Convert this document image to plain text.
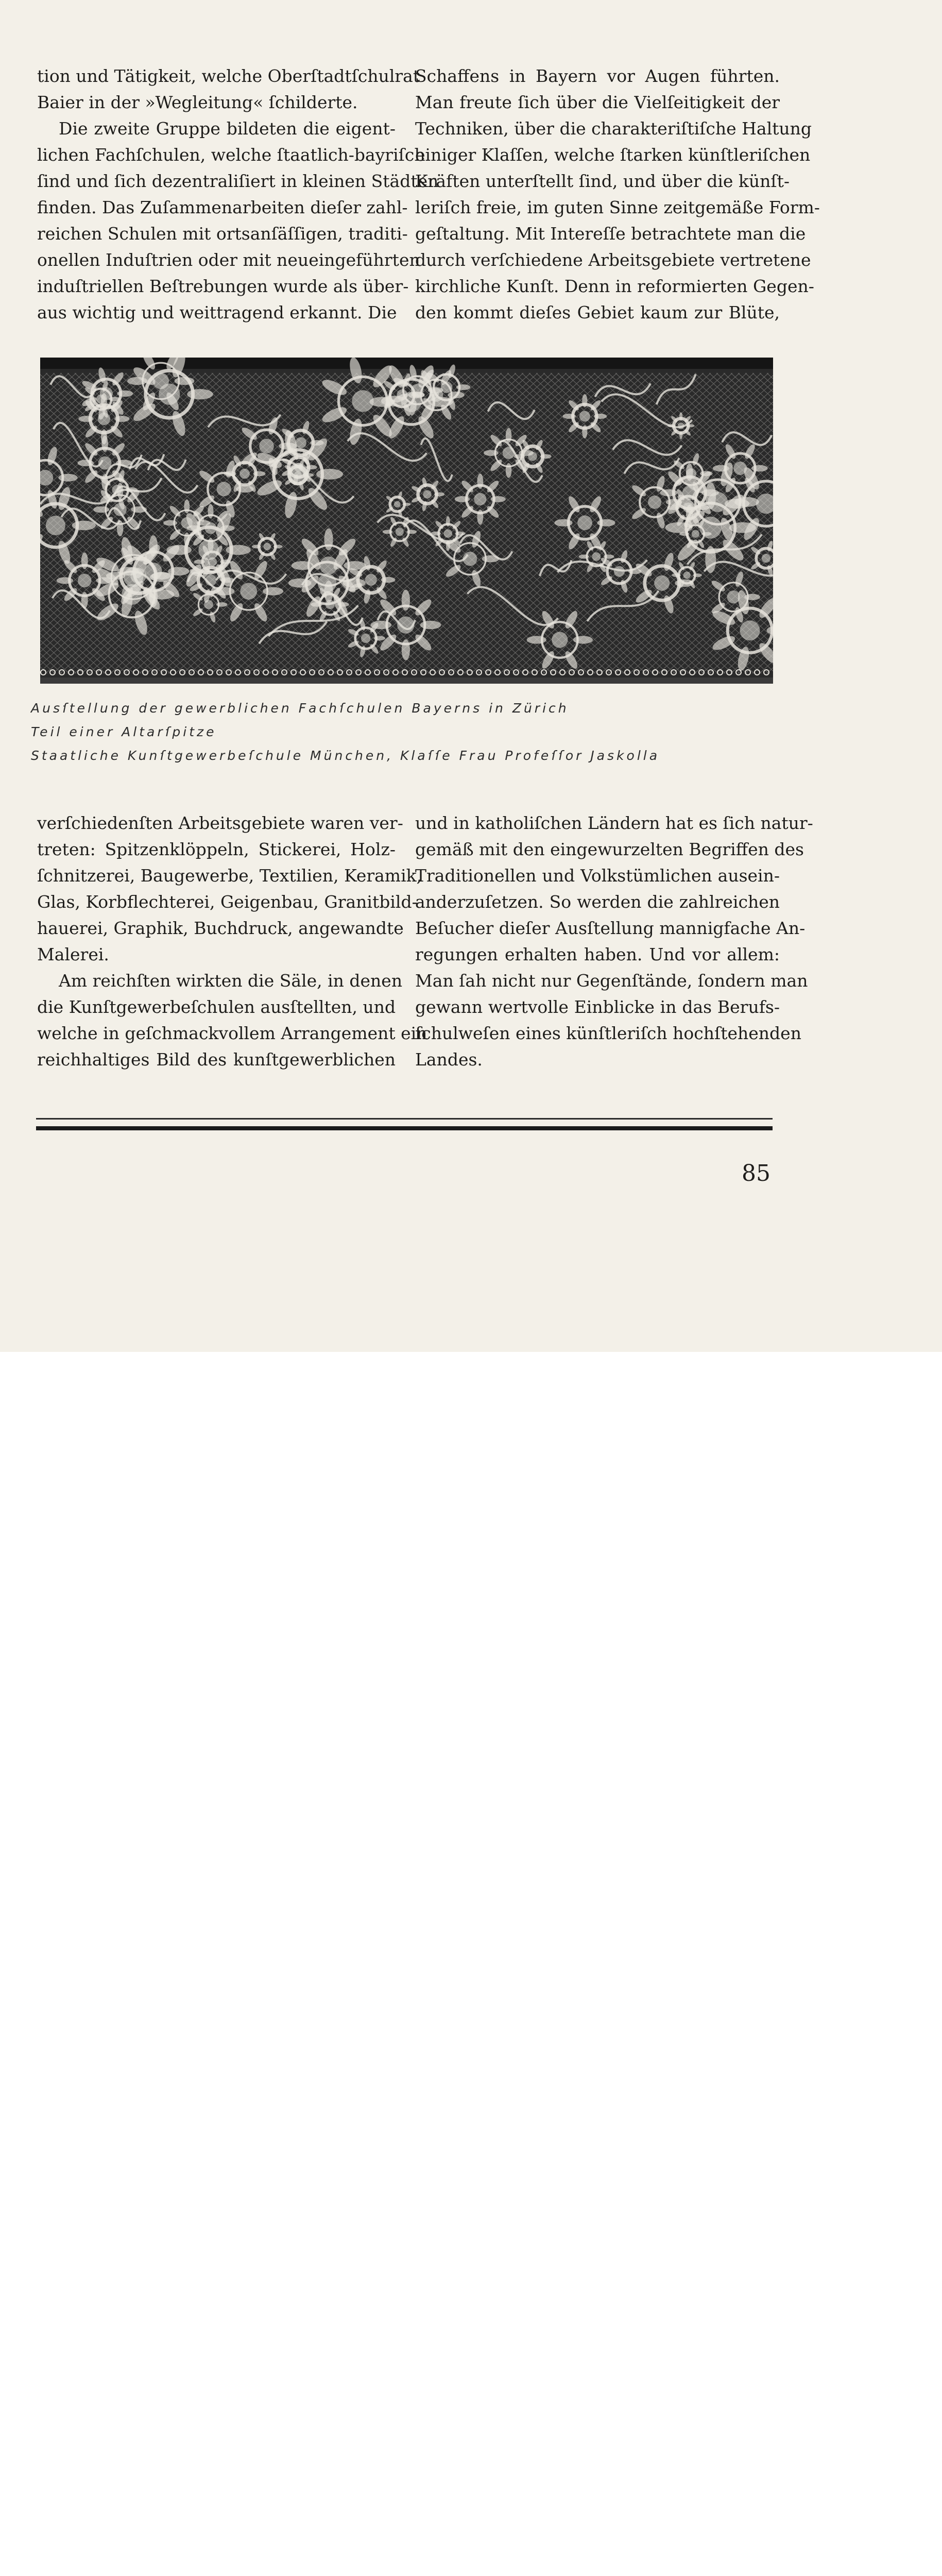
tion und Tätigkeit, welche Oberſtadtſchulrat
Baier in der »Wegleitung« ſchilderte.
Die zweite Gruppe bildeten die eigent-
lichen Fachſchulen, welche ſtaatlich-bayriſch
ſind und ſich dezentraliſiert in kleinen Städten
finden. Das Zuſammenarbeiten dieſer zahl-
reichen Schulen mit ortsanſäſſigen, traditi-
onellen Induſtrien oder mit neueingeführten
induſtriellen Beſtrebungen wurde als über-
aus wichtig und weittragend erkannt. Die
Schaffens in Bayern vor Augen führten.
Man freute ſich über die Vielſeitigkeit der
Techniken, über die charakteriſtiſche Haltung
einiger Klaſſen, welche ſtarken künſtleriſchen
Kräften unterſtellt ſind, und über die künſt-
leriſch freie, im guten Sinne zeitgemäße Form-
geſtaltung. Mit Intereſſe betrachtete man die
durch verſchiedene Arbeitsgebiete vertretene
kirchliche Kunſt. Denn in reformierten Gegen-
den kommt dieſes Gebiet kaum zur Blüte,
Ausſtellung der gewerblichen Fachſchulen Bayerns in Zürich
Teil einer Altarſpitze
Staatliche Kunſtgewerbeſchule München, Klaſſe Frau Profeſſor Jaskolla
verſchiedenſten Arbeitsgebiete waren ver-
treten: Spitzenklöppeln, Stickerei, Holz-
ſchnitzerei, Baugewerbe, Textilien, Keramik,
Glas, Korbflechterei, Geigenbau, Granitbild-
hauerei, Graphik, Buchdruck, angewandte
Malerei.
Am reichſten wirkten die Säle, in denen
die Kunſtgewerbeſchulen ausſtellten, und
welche in geſchmackvollem Arrangement ein
reichhaltiges Bild des kunſtgewerblichen
und in katholiſchen Ländern hat es ſich natur-
gemäß mit den eingewurzelten Begriffen des
Traditionellen und Volkstümlichen ausein-
anderzuſetzen. So werden die zahlreichen
Beſucher dieſer Ausſtellung mannigfache An-
regungen erhalten haben. Und vor allem:
Man ſah nicht nur Gegenſtände, ſondern man
gewann wertvolle Einblicke in das Berufs-
ſchulweſen eines künſtleriſch hochſtehenden
Landes.
85
